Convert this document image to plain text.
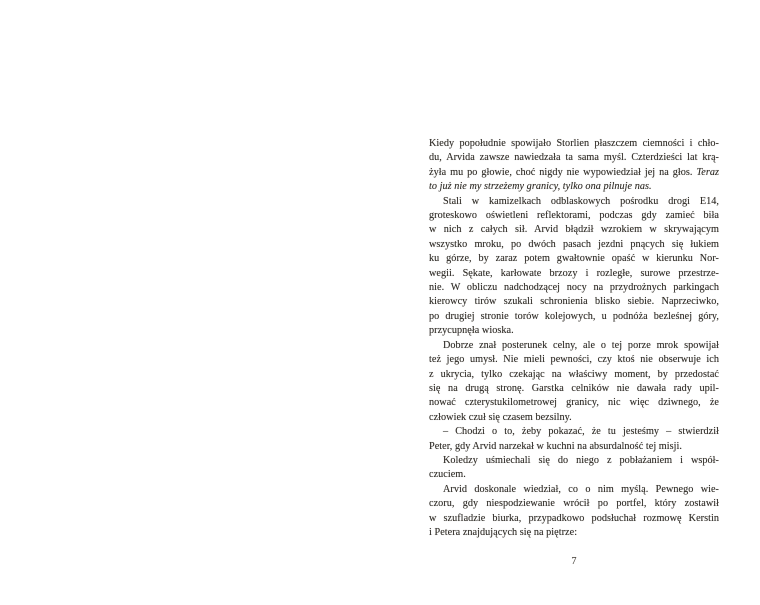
Kiedy popołudnie spowijało Storlien płaszczem ciemności i chło-
du, Arvida zawsze nawiedzała ta sama myśl. Czterdzieści lat krą-
żyła mu po głowie, choć nigdy nie wypowiedział jej na głos. Teraz
to już nie my strzeżemy granicy, tylko ona pilnuje nas.
Stali w kamizelkach odblaskowych pośrodku drogi E14,
groteskowo oświetleni reflektorami, podczas gdy zamieć biła
w nich z całych sił. Arvid błądził wzrokiem w skrywającym
wszystko mroku, po dwóch pasach jezdni pnących się łukiem
ku górze, by zaraz potem gwałtownie opaść w kierunku Nor-
wegii. Sękate, karłowate brzozy i rozległe, surowe przestrze-
nie. W obliczu nadchodzącej nocy na przydrożnych parkingach
kierowcy tirów szukali schronienia blisko siebie. Naprzeciwko,
po drugiej stronie torów kolejowych, u podnóża bezleśnej góry,
przycupnęła wioska.
Dobrze znał posterunek celny, ale o tej porze mrok spowijał
też jego umysł. Nie mieli pewności, czy ktoś nie obserwuje ich
z ukrycia, tylko czekając na właściwy moment, by przedostać
się na drugą stronę. Garstka celników nie dawała rady upil-
nować czterystukilometrowej granicy, nic więc dziwnego, że
człowiek czuł się czasem bezsilny.
– Chodzi o to, żeby pokazać, że tu jesteśmy – stwierdził
Peter, gdy Arvid narzekał w kuchni na absurdalność tej misji.
Koledzy uśmiechali się do niego z pobłażaniem i współ-
czuciem.
Arvid doskonale wiedział, co o nim myślą. Pewnego wie-
czoru, gdy niespodziewanie wrócił po portfel, który zostawił
w szufladzie biurka, przypadkowo podsłuchał rozmowę Kerstin
i Petera znajdujących się na piętrze:
7
